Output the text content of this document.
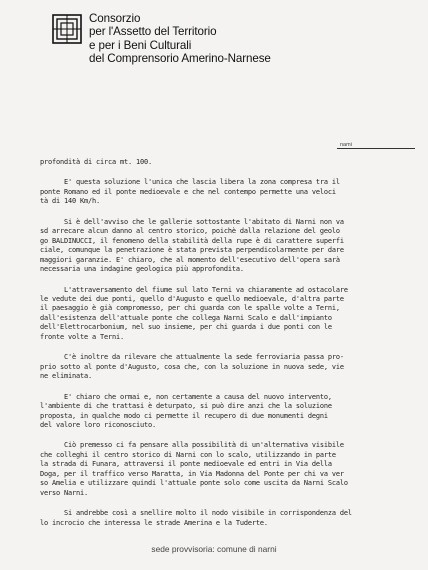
Consorzio
per l'Assetto del Territorio
e per i Beni Culturali
del Comprensorio Amerino-Narnese
nami

profondità di circa mt. 100.

E' questa soluzione l'unica che lascia libera la zona compresa tra il
ponte Romano ed il ponte medioevale e che nel contempo permette una veloci
tà di 140 Km/h.

Si è dell'avviso che le gallerie sottostante l'abitato di Narni non va
sd arrecare alcun danno al centro storico, poichè dalla relazione del geolo
go BALDINUCCI, il fenomeno della stabilità della rupe è di carattere superfi
ciale, comunque la penetrazione è stata prevista perpendicolarmente per dare
maggiori garanzie. E' chiaro, che al momento dell'esecutivo dell'opera sarà
necessaria una indagine geologica più approfondita.

L'attraversamento del fiume sul lato Terni va chiaramente ad ostacolare
le vedute dei due ponti, quello d'Augusto e quello medioevale, d'altra parte
il paesaggio è già compromesso, per chi guarda con le spalle volte a Terni,
dall'esistenza dell'attuale ponte che collega Narni Scalo e dall'impianto
dell'Elettrocarbonium, nel suo insieme, per chi guarda i due ponti con le
fronte volte a Terni.

C'è inoltre da rilevare che attualmente la sede ferroviaria passa pro-
prio sotto al ponte d'Augusto, cosa che, con la soluzione in nuova sede, vie
ne eliminata.

E' chiaro che ormai e, non certamente a causa del nuovo intervento,
l'ambiente di che trattasi è deturpato, si può dire anzi che la soluzione
proposta, in qualche modo ci permette il recupero di due monumenti degni
del valore loro riconosciuto.

Ciò premesso ci fa pensare alla possibilità di un'alternativa visibile
che colleghi il centro storico di Narni con lo scalo, utilizzando in parte
la strada di Funara, attraversi il ponte medioevale ed entri in Via della
Doga, per il traffico verso Maratta, in Via Madonna del Ponte per chi va ver
so Amelia e utilizzare quindi l'attuale ponte solo come uscita da Narni Scalo
verso Narni.

Si andrebbe così a snellire molto il nodo visibile in corrispondenza del
lo incrocio che interessa le strade Amerina e la Tuderte.

sede provvisoria: comune di narni
